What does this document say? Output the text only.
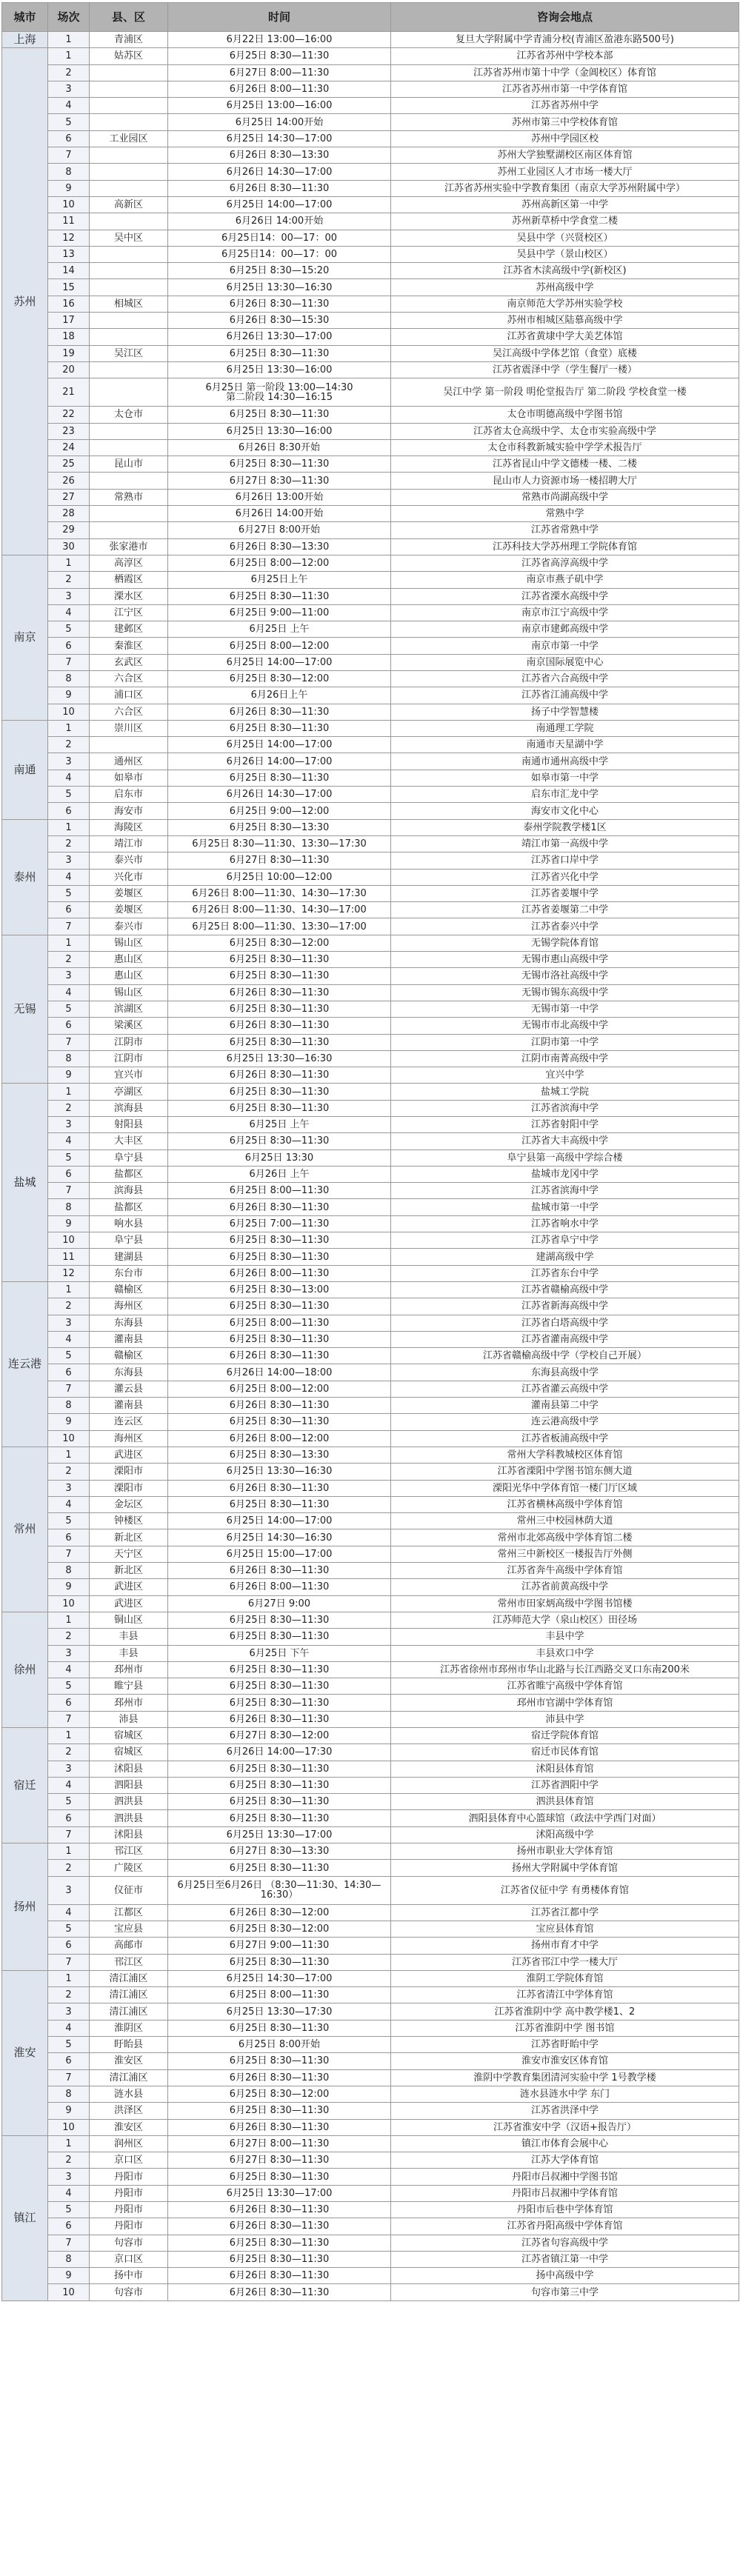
城市	场次	县、区	时间	咨询会地点
上海	1	青浦区	6月22日 13:00—16:00	复旦大学附属中学青浦分校(青浦区盈港东路500号)
苏州	1	姑苏区	6月25日 8:30—11:30	江苏省苏州中学校本部
	2		6月27日 8:00—11:30	江苏省苏州市第十中学（金阊校区）体育馆
	3		6月26日 8:00—11:30	江苏省苏州市第一中学体育馆
	4		6月25日 13:00—16:00	江苏省苏州中学
	5		6月25日 14:00开始	苏州市第三中学校体育馆
	6	工业园区	6月25日 14:30—17:00	苏州中学园区校
	7		6月26日 8:30—13:30	苏州大学独墅湖校区南区体育馆
	8		6月26日 14:30—17:00	苏州工业园区人才市场一楼大厅
	9		6月26日 8:30—11:30	江苏省苏州实验中学教育集团（南京大学苏州附属中学）
	10	高新区	6月25日 14:00—17:00	苏州高新区第一中学
	11		6月26日 14:00开始	苏州新草桥中学食堂二楼
	12	吴中区	6月25日14：00—17：00	吴县中学（兴贤校区）
	13		6月25日14：00—17：00	吴县中学（景山校区）
	14		6月25日 8:30—15:20	江苏省木渎高级中学(新校区)
	15		6月25日 13:30—16:30	苏州高级中学
	16	相城区	6月26日 8:30—11:30	南京师范大学苏州实验学校
	17		6月26日 8:30—15:30	苏州市相城区陆慕高级中学
	18		6月26日 13:30—17:00	江苏省黄埭中学大美艺体馆
	19	吴江区	6月25日 8:30—11:30	吴江高级中学体艺馆（食堂）底楼
	20		6月25日 13:30—16:00	江苏省震泽中学（学生餐厅一楼）
	21		6月25日 第一阶段 13:00—14:30
第二阶段 14:30—16:15	吴江中学 第一阶段 明伦堂报告厅 第二阶段 学校食堂一楼
	22	太仓市	6月25日 8:30—11:30	太仓市明德高级中学图书馆
	23		6月25日 13:30—16:00	江苏省太仓高级中学、太仓市实验高级中学
	24		6月26日 8:30开始	太仓市科教新城实验中学学术报告厅
	25	昆山市	6月25日 8:30—11:30	江苏省昆山中学文德楼一楼、二楼
	26		6月27日 8:30—11:30	昆山市人力资源市场一楼招聘大厅
	27	常熟市	6月26日 13:00开始	常熟市尚湖高级中学
	28		6月26日 14:00开始	常熟中学
	29		6月27日 8:00开始	江苏省常熟中学
	30	张家港市	6月26日 8:30—13:30	江苏科技大学苏州理工学院体育馆
南京	1	高淳区	6月25日 8:00—12:00	江苏省高淳高级中学
	2	栖霞区	6月25日上午	南京市燕子矶中学
	3	溧水区	6月25日 8:30—11:30	江苏省溧水高级中学
	4	江宁区	6月25日 9:00—11:00	南京市江宁高级中学
	5	建邺区	6月25日 上午	南京市建邺高级中学
	6	秦淮区	6月25日 8:00—12:00	南京市第一中学
	7	玄武区	6月25日 14:00—17:00	南京国际展览中心
	8	六合区	6月25日 8:30—12:00	江苏省六合高级中学
	9	浦口区	6月26日上午	江苏省江浦高级中学
	10	六合区	6月26日 8:30—11:30	扬子中学智慧楼
南通	1	崇川区	6月25日 8:30—11:30	南通理工学院
	2		6月25日 14:00—17:00	南通市天星湖中学
	3	通州区	6月26日 14:00—17:00	南通市通州高级中学
	4	如皋市	6月25日 8:30—11:30	如皋市第一中学
	5	启东市	6月26日 14:30—17:00	启东市汇龙中学
	6	海安市	6月25日 9:00—12:00	海安市文化中心
泰州	1	海陵区	6月25日 8:30—13:30	泰州学院教学楼1区
	2	靖江市	6月25日 8:30—11:30、13:30—17:30	靖江市第一高级中学
	3	泰兴市	6月27日 8:30—11:30	江苏省口岸中学
	4	兴化市	6月25日 10:00—12:00	江苏省兴化中学
	5	姜堰区	6月26日 8:00—11:30、14:30—17:30	江苏省姜堰中学
	6	姜堰区	6月26日 8:00—11:30、14:30—17:00	江苏省姜堰第二中学
	7	泰兴市	6月25日 8:00—11:30、13:30—17:00	江苏省泰兴中学
无锡	1	锡山区	6月25日 8:30—12:00	无锡学院体育馆
	2	惠山区	6月25日 8:30—11:30	无锡市惠山高级中学
	3	惠山区	6月25日 8:30—11:30	无锡市洛社高级中学
	4	锡山区	6月26日 8:30—11:30	无锡市锡东高级中学
	5	滨湖区	6月25日 8:30—11:30	无锡市第一中学
	6	梁溪区	6月26日 8:30—11:30	无锡市市北高级中学
	7	江阴市	6月25日 8:30—11:30	江阴市第一中学
	8	江阴市	6月25日 13:30—16:30	江阴市南菁高级中学
	9	宜兴市	6月26日 8:30—11:30	宜兴中学
盐城	1	亭湖区	6月25日 8:30—11:30	盐城工学院
	2	滨海县	6月25日 8:30—11:30	江苏省滨海中学
	3	射阳县	6月25日 上午	江苏省射阳中学
	4	大丰区	6月25日 8:30—11:30	江苏省大丰高级中学
	5	阜宁县	6月25日 13:30	阜宁县第一高级中学综合楼
	6	盐都区	6月26日 上午	盐城市龙冈中学
	7	滨海县	6月25日 8:00—11:30	江苏省滨海中学
	8	盐都区	6月26日 8:30—11:30	盐城市第一中学
	9	响水县	6月25日 7:00—11:30	江苏省响水中学
	10	阜宁县	6月25日 8:30—11:30	江苏省阜宁中学
	11	建湖县	6月25日 8:30—11:30	建湖高级中学
	12	东台市	6月26日 8:00—11:30	江苏省东台中学
连云港	1	赣榆区	6月25日 8:30—13:00	江苏省赣榆高级中学
	2	海州区	6月25日 8:30—11:30	江苏省新海高级中学
	3	东海县	6月25日 8:00—11:30	江苏省白塔高级中学
	4	灌南县	6月25日 8:30—11:30	江苏省灌南高级中学
	5	赣榆区	6月26日 8:30—11:30	江苏省赣榆高级中学（学校自己开展）
	6	东海县	6月26日 14:00—18:00	东海县高级中学
	7	灌云县	6月25日 8:00—12:00	江苏省灌云高级中学
	8	灌南县	6月26日 8:30—11:30	灌南县第二中学
	9	连云区	6月25日 8:30—11:30	连云港高级中学
	10	海州区	6月26日 8:00—12:00	江苏省板浦高级中学
常州	1	武进区	6月25日 8:30—13:30	常州大学科教城校区体育馆
	2	溧阳市	6月25日 13:30—16:30	江苏省溧阳中学图书馆东侧大道
	3	溧阳市	6月26日 8:30—11:30	溧阳光华中学体育馆一楼门厅区域
	4	金坛区	6月25日 8:30—11:30	江苏省横林高级中学体育馆
	5	钟楼区	6月25日 14:00—17:00	常州三中校园林荫大道
	6	新北区	6月25日 14:30—16:30	常州市北郊高级中学体育馆二楼
	7	天宁区	6月25日 15:00—17:00	常州三中新校区一楼报告厅外侧
	8	新北区	6月26日 8:30—11:30	江苏省奔牛高级中学体育馆
	9	武进区	6月26日 8:00—11:30	江苏省前黄高级中学
	10	武进区	6月27日 9:00	常州市田家炳高级中学图书馆楼
徐州	1	铜山区	6月25日 8:30—11:30	江苏师范大学（泉山校区）田径场
	2	丰县	6月25日 8:30—11:30	丰县中学
	3	丰县	6月25日 下午	丰县欢口中学
	4	邳州市	6月25日 8:30—11:30	江苏省徐州市邳州市华山北路与长江西路交叉口东南200米
	5	睢宁县	6月25日 8:30—11:30	江苏省睢宁高级中学体育馆
	6	邳州市	6月25日 8:30—11:30	邳州市官湖中学体育馆
	7	沛县	6月26日 8:30—11:30	沛县中学
宿迁	1	宿城区	6月27日 8:30—12:00	宿迁学院体育馆
	2	宿城区	6月26日 14:00—17:30	宿迁市民体育馆
	3	沭阳县	6月25日 8:30—11:30	沭阳县体育馆
	4	泗阳县	6月25日 8:30—11:30	江苏省泗阳中学
	5	泗洪县	6月25日 8:30—11:30	泗洪县体育馆
	6	泗洪县	6月25日 8:30—11:30	泗阳县体育中心篮球馆（政法中学西门对面）
	7	沭阳县	6月25日 13:30—17:00	沭阳高级中学
扬州	1	邗江区	6月27日 8:30—13:30	扬州市职业大学体育馆
	2	广陵区	6月25日 8:30—11:30	扬州大学附属中学体育馆
	3	仪征市	6月25日至6月26日 （8:30—11:30、14:30—16:30）	江苏省仪征中学 有勇楼体育馆
	4	江都区	6月26日 8:30—12:00	江苏省江都中学
	5	宝应县	6月25日 8:30—12:00	宝应县体育馆
	6	高邮市	6月27日 9:00—11:30	扬州市育才中学
	7	邗江区	6月25日 8:30—11:30	江苏省邗江中学一楼大厅
淮安	1	清江浦区	6月25日 14:30—17:00	淮阴工学院体育馆
	2	清江浦区	6月25日 8:00—11:30	江苏省清江中学体育馆
	3	清江浦区	6月25日 13:30—17:30	江苏省淮阴中学 高中教学楼1、2
	4	淮阴区	6月25日 8:30—11:30	江苏省淮阴中学 图书馆
	5	盱眙县	6月25日 8:00开始	江苏省盱眙中学
	6	淮安区	6月25日 8:30—11:30	淮安市淮安区体育馆
	7	清江浦区	6月26日 8:30—11:30	淮阴中学教育集团清河实验中学 1号教学楼
	8	涟水县	6月25日 8:30—12:00	涟水县涟水中学 东门
	9	洪泽区	6月25日 8:30—11:30	江苏省洪泽中学
	10	淮安区	6月26日 8:30—11:30	江苏省淮安中学（汉语+报告厅）
镇江	1	润州区	6月27日 8:00—11:30	镇江市体育会展中心
	2	京口区	6月27日 8:30—11:30	江苏大学体育馆
	3	丹阳市	6月25日 8:30—11:30	丹阳市吕叔湘中学图书馆
	4	丹阳市	6月25日 13:30—17:00	丹阳市吕叔湘中学体育馆
	5	丹阳市	6月26日 8:30—11:30	丹阳市后巷中学体育馆
	6	丹阳市	6月26日 8:30—11:30	江苏省丹阳高级中学体育馆
	7	句容市	6月25日 8:30—11:30	江苏省句容高级中学
	8	京口区	6月25日 8:30—11:30	江苏省镇江第一中学
	9	扬中市	6月26日 8:30—11:30	扬中高级中学
	10	句容市	6月26日 8:30—11:30	句容市第三中学
